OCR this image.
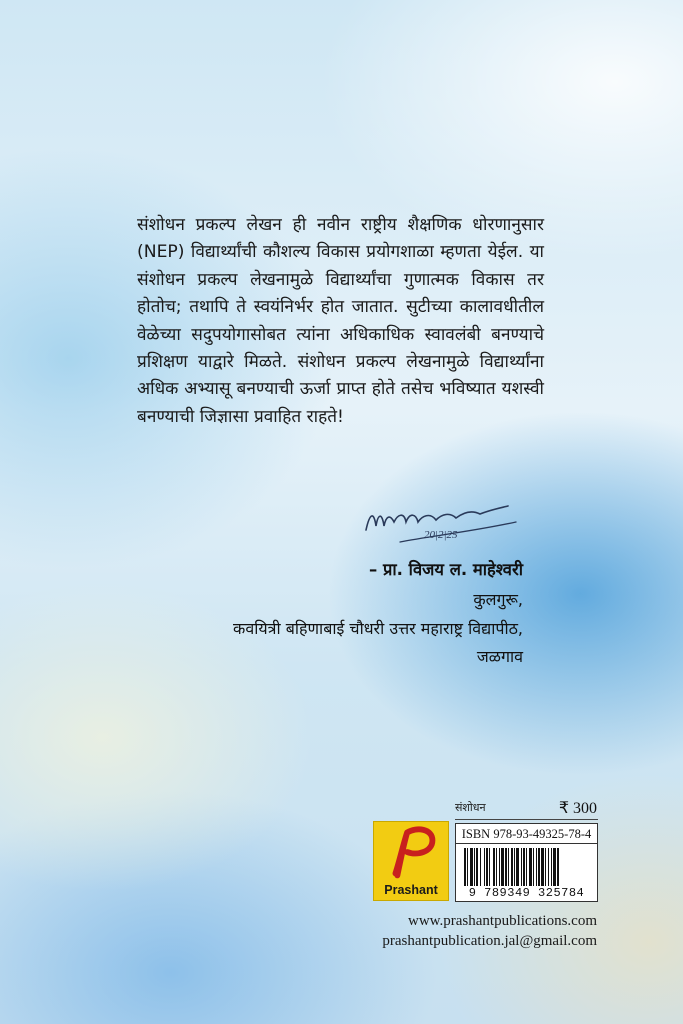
संशोधन प्रकल्प लेखन ही नवीन राष्ट्रीय शैक्षणिक धोरणानुसार (NEP) विद्यार्थ्यांची कौशल्य विकास प्रयोगशाळा म्हणता येईल. या संशोधन प्रकल्प लेखनामुळे विद्यार्थ्यांचा गुणात्मक विकास तर होतोच; तथापि ते स्वयंनिर्भर होत जातात. सुटीच्या कालावधीतील वेळेच्या सदुपयोगासोबत त्यांना अधिकाधिक स्वावलंबी बनण्याचे प्रशिक्षण याद्वारे मिळते. संशोधन प्रकल्प लेखनामुळे विद्यार्थ्यांना अधिक अभ्यासू बनण्याची ऊर्जा प्राप्त होते तसेच भविष्यात यशस्वी बनण्याची जिज्ञासा प्रवाहित राहते!

20|2|25
– प्रा. विजय ल. माहेश्वरी
कुलगुरू,
कवयित्री बहिणाबाई चौधरी उत्तर महाराष्ट्र विद्यापीठ,
जळगाव
संशोधन	₹ 300
Prashant
ISBN 978-93-49325-78-4
9 789349 325784
www.prashantpublications.com
prashantpublication.jal@gmail.com
